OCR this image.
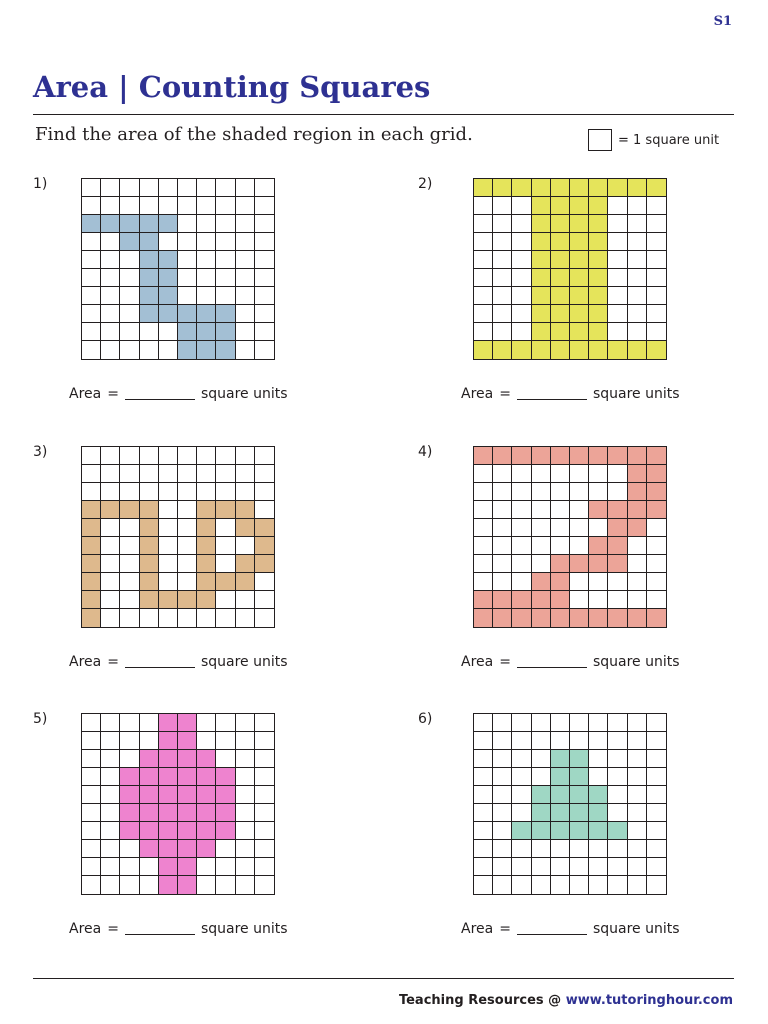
S1
Area | Counting Squares
Find the area of the shaded region in each grid.	= 1 square unit
1)
Area =	square units
2)
Area =	square units
3)
Area =	square units
4)
Area =	square units
5)
Area =	square units
6)
Area =	square units
Teaching Resources @ www.tutoringhour.com
